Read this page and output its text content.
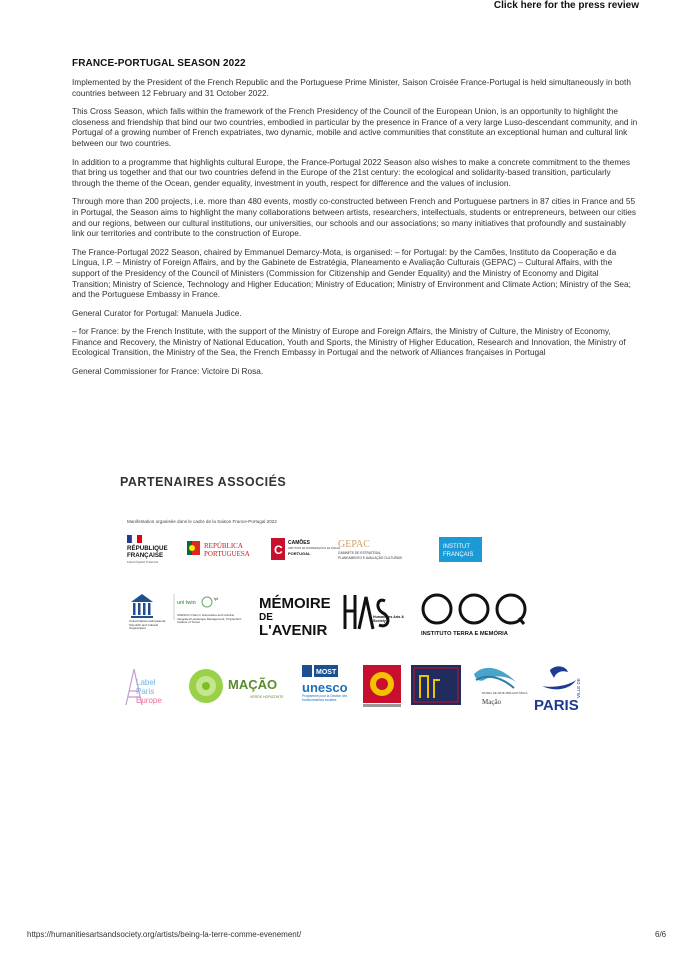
Click here for the press review
FRANCE-PORTUGAL SEASON 2022

Implemented by the President of the French Republic and the Portuguese Prime Minister, Saison Croisée France-Portugal is held simultaneously in both countries between 12 February and 31 October 2022.

This Cross Season, which falls within the framework of the French Presidency of the Council of the European Union, is an opportunity to highlight the closeness and friendship that bind our two countries, embodied in particular by the presence in France of a very large Luso-descendant community, and in Portugal of a growing number of French expatriates, two dynamic, mobile and active communities that constitute an exceptional human and cultural link between our two countries.

In addition to a programme that highlights cultural Europe, the France-Portugal 2022 Season also wishes to make a concrete commitment to the themes that bring us together and that our two countries defend in the Europe of the 21st century: the ecological and solidarity-based transition, particularly through the theme of the Ocean, gender equality, investment in youth, respect for difference and the values of inclusion.

Through more than 200 projects, i.e. more than 480 events, mostly co-constructed between French and Portuguese partners in 87 cities in France and 55 in Portugal, the Season aims to highlight the many collaborations between artists, researchers, intellectuals, students or entrepreneurs, between our cities and our regions, between our cultural institutions, our universities, our schools and our associations; so many initiatives that profoundly and sustainably link our territories and contribute to the construction of Europe.

The France-Portugal 2022 Season, chaired by Emmanuel Demarcy-Mota, is organised: – for Portugal: by the Camões, Instituto da Cooperação e da Língua, I.P. – Ministry of Foreign Affairs, and by the Gabinete de Estratégia, Planeamento e Avaliação Culturais (GEPAC) – Cultural Affairs, with the support of the Presidency of the Council of Ministers (Commission for Citizenship and Gender Equality) and the Ministry of Economy and Digital Transition; Ministry of Science, Technology and Higher Education; Ministry of Education; Ministry of Environment and Climate Action; Ministry of the Sea; and the Portuguese Embassy in France.

General Curator for Portugal: Manuela Judice.

– for France: by the French Institute, with the support of the Ministry of Europe and Foreign Affairs, the Ministry of Culture, the Ministry of Economy, Finance and Recovery, the Ministry of National Education, Youth and Sports, the Ministry of Higher Education, Research and Innovation, the Ministry of Ecological Transition, the Ministry of the Sea, the French Embassy in Portugal and the network of Alliances françaises in Portugal

General Commissioner for France: Victoire Di Rosa.

PARTENAIRES ASSOCIÉS
Manifestation organisée dans le cadre de la Saison France-Portugal 2022
RÉPUBLIQUE
FRANÇAISE
Liberté Égalité Fraternité
REPÚBLICA
PORTUGUESA C CAMÕES
INSTITUTO DA COOPERAÇÃO E DA LÍNGUA
PORTUGAL
GEPAC
GABINETE DE ESTRATÉGIA,
PLANEAMENTO E AVALIAÇÃO CULTURAIS
INSTITUT
FRANÇAIS
United Nations Educational, Scientific and Cultural Organization
uni twin
ipt
UNESCO Chair in Humanities and Cultural Integrated Landscape Management, Polytechnic Institute of Tomar
MÉMOIRE
DE
L'AVENIR
Humanities Arts & Society
INSTITUTO TERRA E MEMÓRIA
Label
Paris
Europe
MAÇÃO
VERDE HORIZONTE
MOST
unesco
Programme pour la Gestion des transformations sociales
MUSEU DE ARTE PRÉ-HISTÓRICA
Mação
VILLE DE
PARIS
https://humanitiesartsandsociety.org/artists/being-la-terre-comme-evenement/	6/6
